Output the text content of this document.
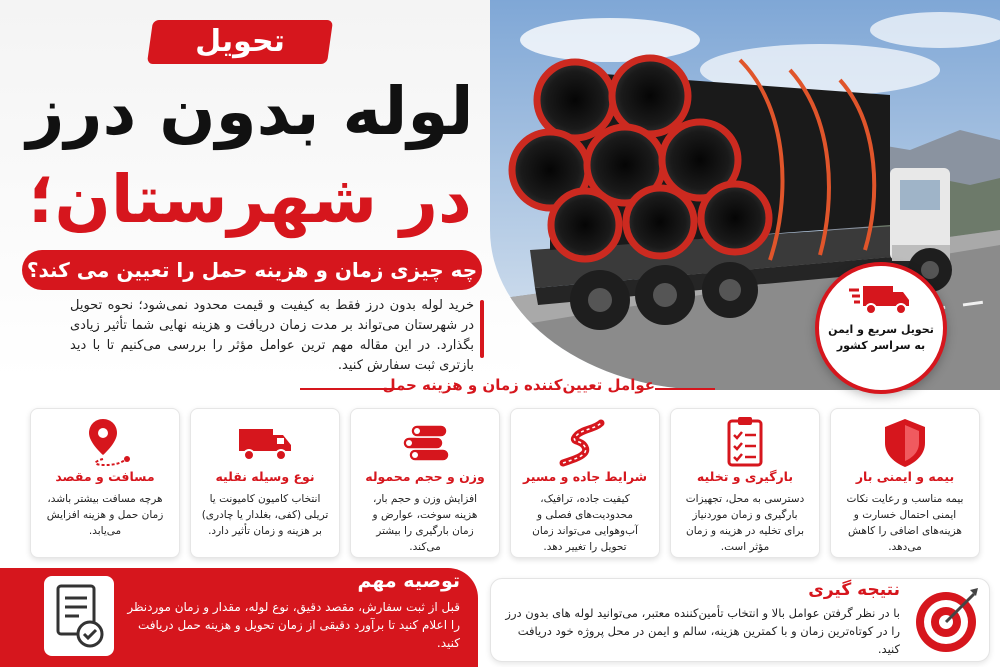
تحویل
لوله بدون درز
در شهرستان؛
چه چیزی زمان و هزینه حمل را تعیین می کند؟
خرید لوله بدون درز فقط به کیفیت و قیمت محدود نمی‌شود؛ نحوه تحویل در شهرستان می‌تواند بر مدت زمان دریافت و هزینه نهایی شما تأثیر زیادی بگذارد. در این مقاله مهم ترین عوامل مؤثر را بررسی می‌کنیم تا با دید بازتری ثبت سفارش کنید.
تحویل سریع و ایمن
به سراسر کشور
عوامل تعیین‌کننده زمان و هزینه حمل
بیمه و ایمنی بار
بیمه مناسب و رعایت نکات ایمنی احتمال خسارت و هزینه‌های اضافی را کاهش می‌دهد.
بارگیری و تخلیه
دسترسی به محل، تجهیزات بارگیری و زمان موردنیاز برای تخلیه در هزینه و زمان مؤثر است.
شرایط جاده و مسیر
کیفیت جاده، ترافیک، محدودیت‌های فصلی و آب‌وهوایی می‌تواند زمان تحویل را تغییر دهد.
وزن و حجم محموله
افزایش وزن و حجم بار، هزینه سوخت، عوارض و زمان بارگیری را بیشتر می‌کند.
نوع وسیله نقلیه
انتخاب کامیون کامیونت یا تریلی (کفی، بغلدار یا چادری) بر هزینه و زمان تأثیر دارد.
مسافت و مقصد
هرچه مسافت بیشتر باشد، زمان حمل و هزینه افزایش می‌یابد.
توصیه مهم
قبل از ثبت سفارش، مقصد دقیق، نوع لوله، مقدار و زمان موردنظر را اعلام کنید تا برآورد دقیقی از زمان تحویل و هزینه حمل دریافت کنید.
نتیجه گیری
با در نظر گرفتن عوامل بالا و انتخاب تأمین‌کننده معتبر، می‌توانید لوله‌ های بدون درز را در کوتاه‌ترین زمان و با کمترین هزینه، سالم و ایمن در محل پروژه خود دریافت کنید.
